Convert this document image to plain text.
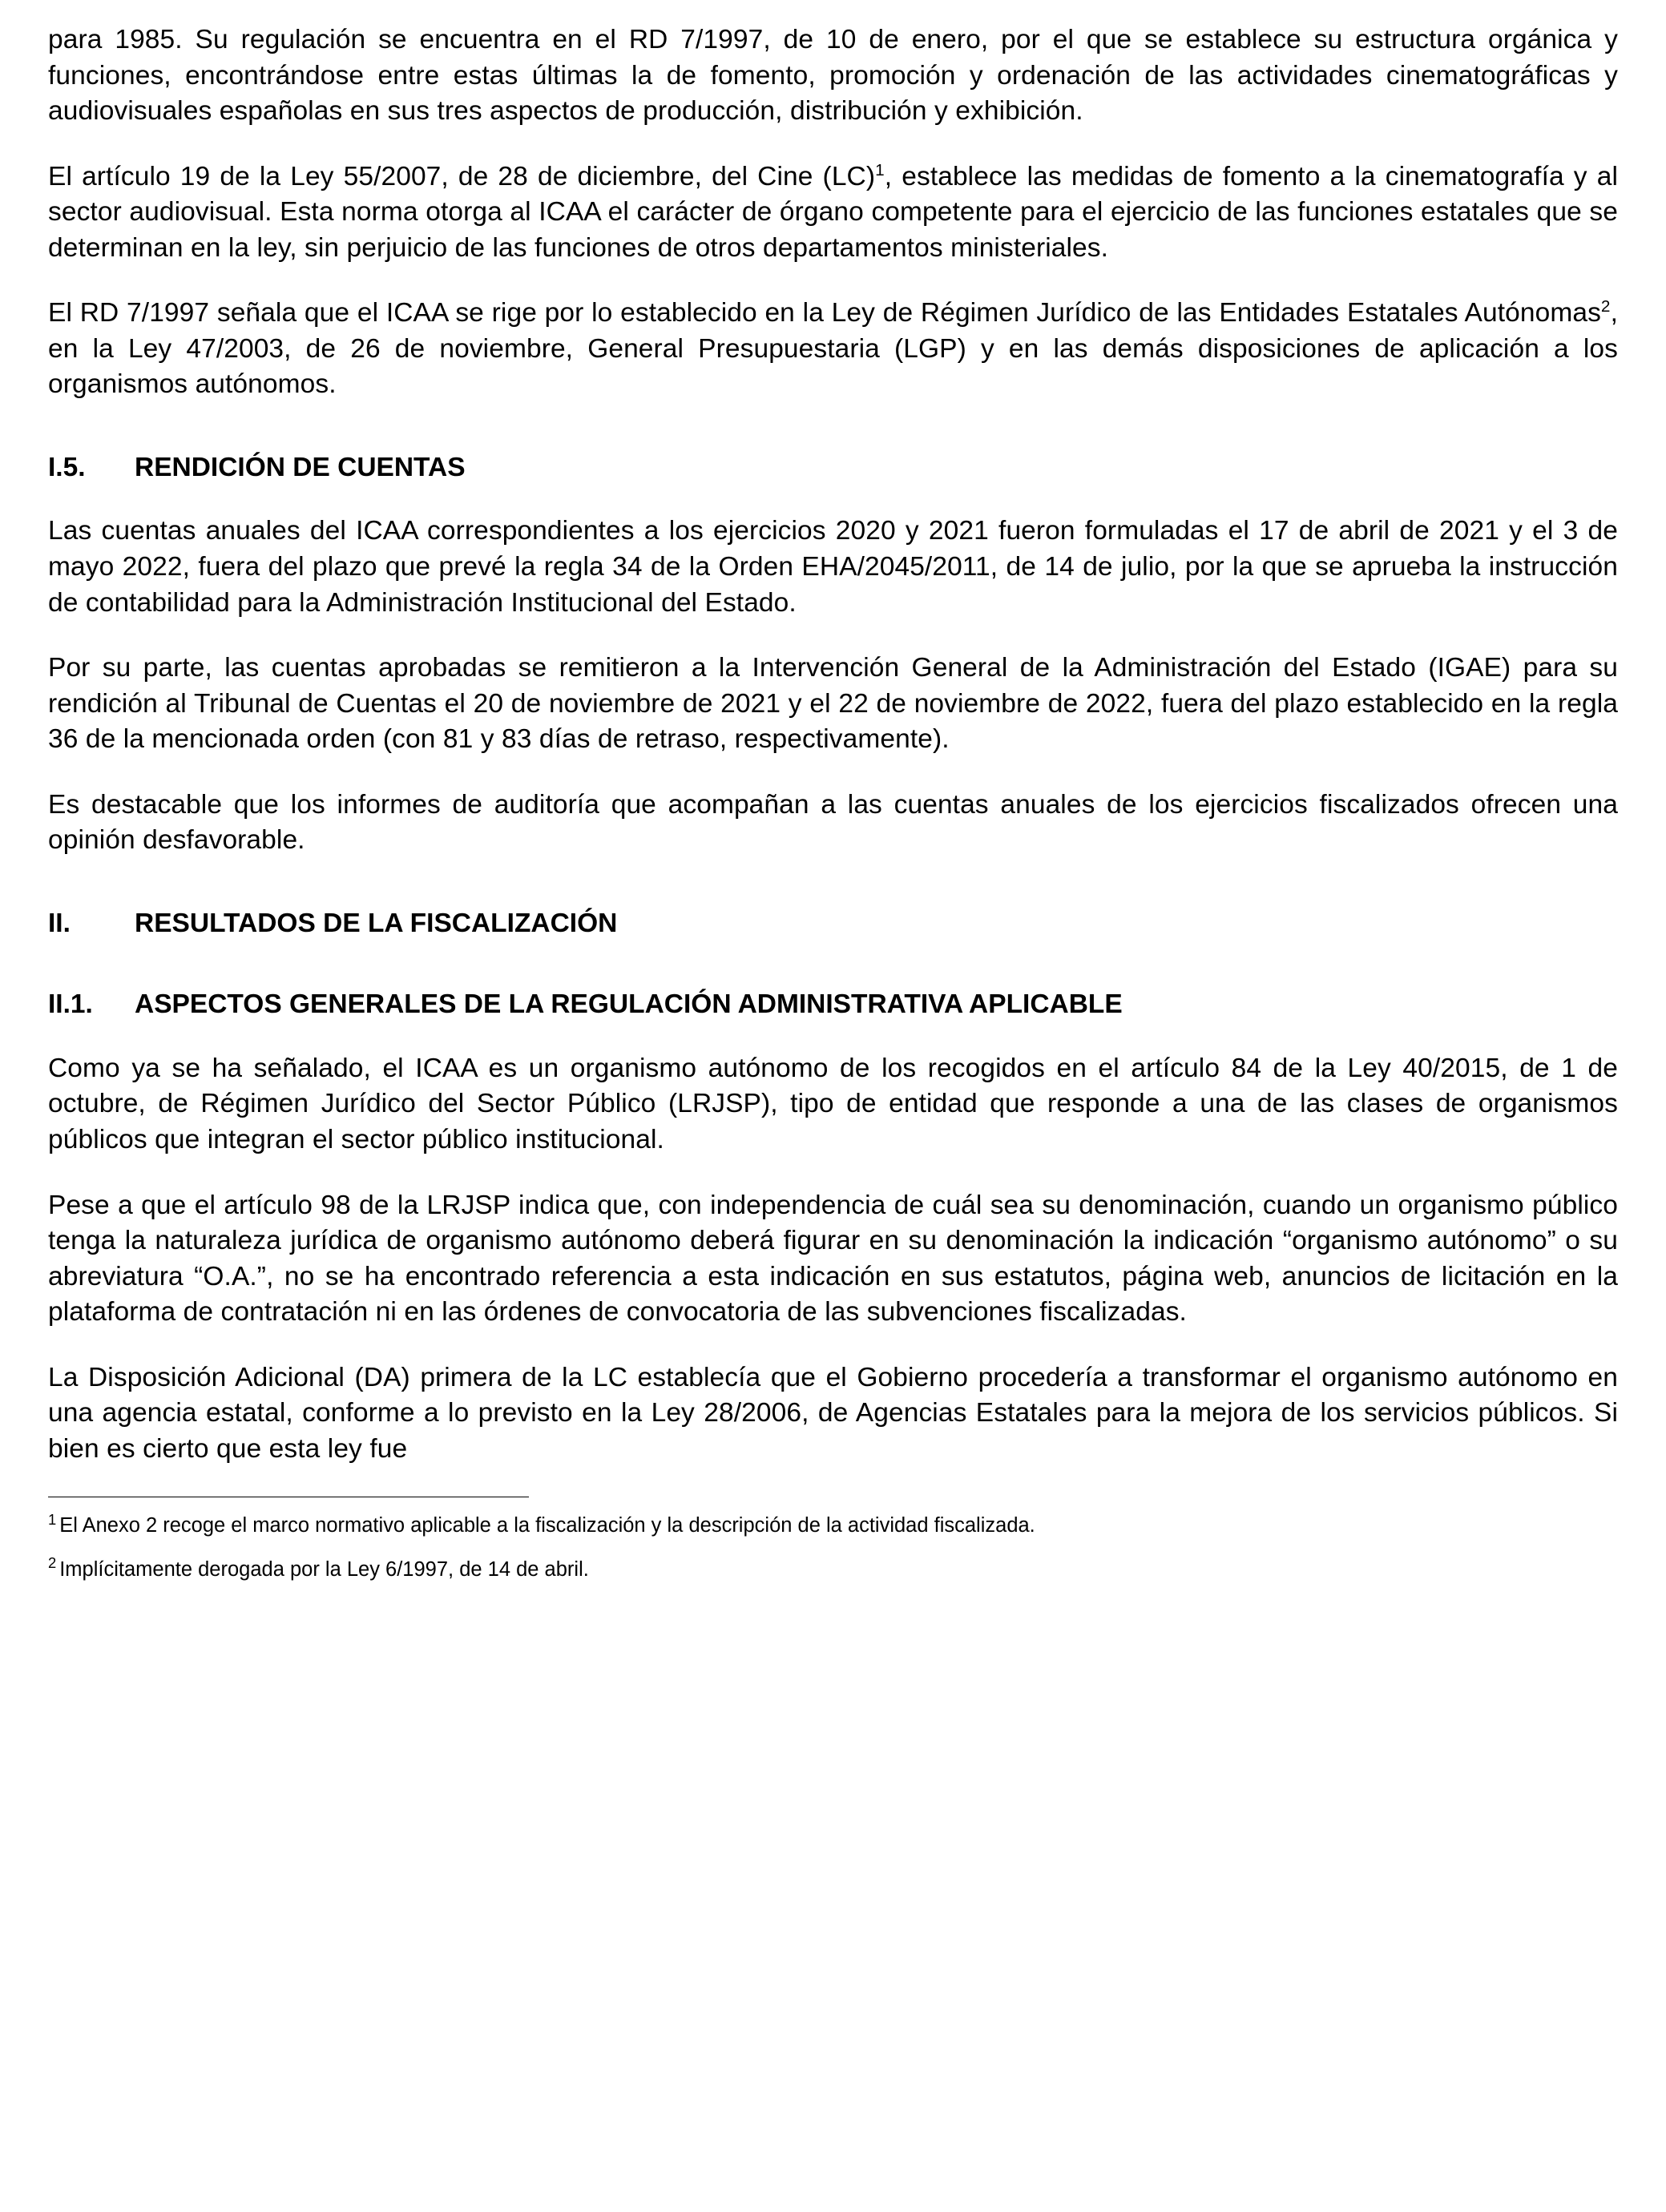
para 1985. Su regulación se encuentra en el RD 7/1997, de 10 de enero, por el que se establece su estructura orgánica y funciones, encontrándose entre estas últimas la de fomento, promoción y ordenación de las actividades cinematográficas y audiovisuales españolas en sus tres aspectos de producción, distribución y exhibición.

El artículo 19 de la Ley 55/2007, de 28 de diciembre, del Cine (LC)$^1$, establece las medidas de fomento a la cinematografía y al sector audiovisual. Esta norma otorga al ICAA el carácter de órgano competente para el ejercicio de las funciones estatales que se determinan en la ley, sin perjuicio de las funciones de otros departamentos ministeriales.

El RD 7/1997 señala que el ICAA se rige por lo establecido en la Ley de Régimen Jurídico de las Entidades Estatales Autónomas$^2$, en la Ley 47/2003, de 26 de noviembre, General Presupuestaria (LGP) y en las demás disposiciones de aplicación a los organismos autónomos.

I.5.	RENDICIÓN DE CUENTAS

Las cuentas anuales del ICAA correspondientes a los ejercicios 2020 y 2021 fueron formuladas el 17 de abril de 2021 y el 3 de mayo 2022, fuera del plazo que prevé la regla 34 de la Orden EHA/2045/2011, de 14 de julio, por la que se aprueba la instrucción de contabilidad para la Administración Institucional del Estado.

Por su parte, las cuentas aprobadas se remitieron a la Intervención General de la Administración del Estado (IGAE) para su rendición al Tribunal de Cuentas el 20 de noviembre de 2021 y el 22 de noviembre de 2022, fuera del plazo establecido en la regla 36 de la mencionada orden (con 81 y 83 días de retraso, respectivamente).

Es destacable que los informes de auditoría que acompañan a las cuentas anuales de los ejercicios fiscalizados ofrecen una opinión desfavorable.

II.	RESULTADOS DE LA FISCALIZACIÓN
II.1.	ASPECTOS GENERALES DE LA REGULACIÓN ADMINISTRATIVA APLICABLE

Como ya se ha señalado, el ICAA es un organismo autónomo de los recogidos en el artículo 84 de la Ley 40/2015, de 1 de octubre, de Régimen Jurídico del Sector Público (LRJSP), tipo de entidad que responde a una de las clases de organismos públicos que integran el sector público institucional.

Pese a que el artículo 98 de la LRJSP indica que, con independencia de cuál sea su denominación, cuando un organismo público tenga la naturaleza jurídica de organismo autónomo deberá figurar en su denominación la indicación “organismo autónomo” o su abreviatura “O.A.”, no se ha encontrado referencia a esta indicación en sus estatutos, página web, anuncios de licitación en la plataforma de contratación ni en las órdenes de convocatoria de las subvenciones fiscalizadas.

La Disposición Adicional (DA) primera de la LC establecía que el Gobierno procedería a transformar el organismo autónomo en una agencia estatal, conforme a lo previsto en la Ley 28/2006, de Agencias Estatales para la mejora de los servicios públicos. Si bien es cierto que esta ley fue

$^1$ El Anexo 2 recoge el marco normativo aplicable a la fiscalización y la descripción de la actividad fiscalizada.

$^2$ Implícitamente derogada por la Ley 6/1997, de 14 de abril.
